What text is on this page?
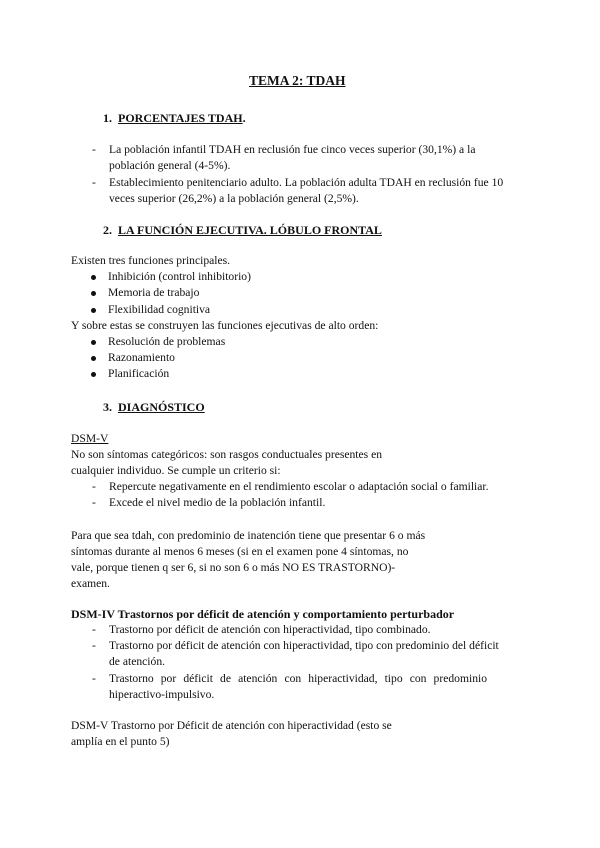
TEMA 2: TDAH
1. PORCENTAJES TDAH.
- La población infantil TDAH en reclusión fue cinco veces superior (30,1%) a la
población general (4-5%).
- Establecimiento penitenciario adulto. La población adulta TDAH en reclusión fue 10
veces superior (26,2%) a la población general (2,5%).
2. LA FUNCIÓN EJECUTIVA. LÓBULO FRONTAL
Existen tres funciones principales.
Inhibición (control inhibitorio)
Memoria de trabajo
Flexibilidad cognitiva
Y sobre estas se construyen las funciones ejecutivas de alto orden:
Resolución de problemas
Razonamiento
Planificación
3. DIAGNÓSTICO
DSM-V
No son síntomas categóricos: son rasgos conductuales presentes en
cualquier individuo. Se cumple un criterio si:
- Repercute negativamente en el rendimiento escolar o adaptación social o familiar.
- Excede el nivel medio de la población infantil.
Para que sea tdah, con predominio de inatención tiene que presentar 6 o más
síntomas durante al menos 6 meses (si en el examen pone 4 síntomas, no
vale, porque tienen q ser 6, si no son 6 o más NO ES TRASTORNO)-
examen.
DSM-IV Trastornos por déficit de atención y comportamiento perturbador
- Trastorno por déficit de atención con hiperactividad, tipo combinado.
- Trastorno por déficit de atención con hiperactividad, tipo con predominio del déficit
de atención.
- Trastorno por déficit de atención con hiperactividad, tipo con predominio
hiperactivo-impulsivo.
DSM-V Trastorno por Déficit de atención con hiperactividad (esto se
amplía en el punto 5)
